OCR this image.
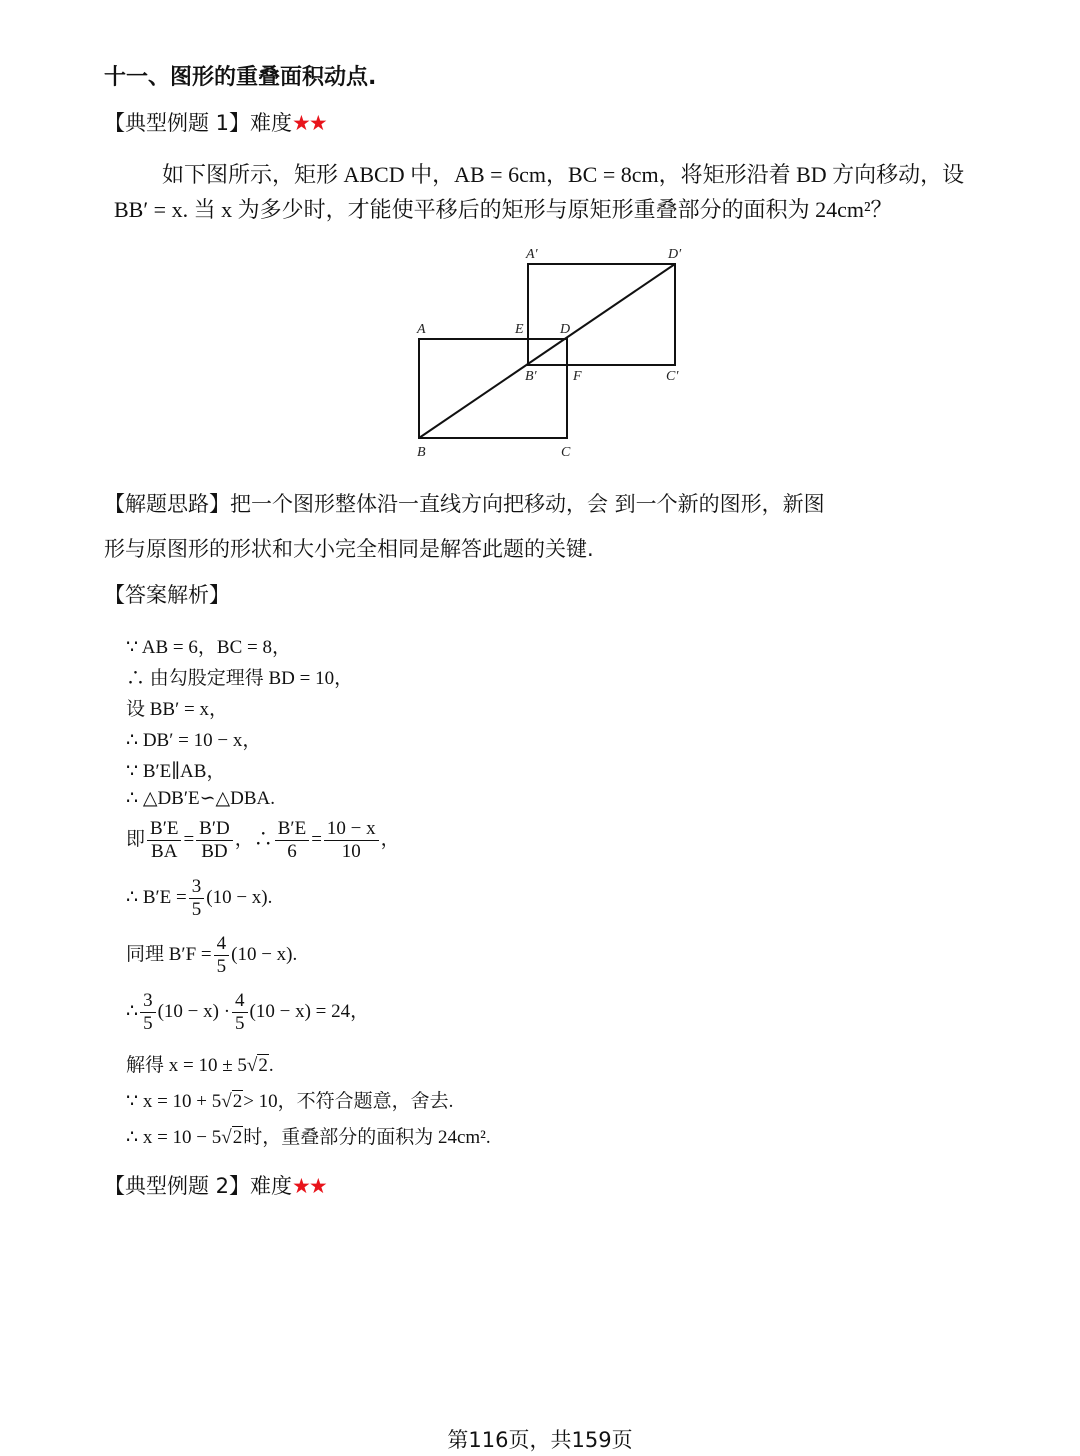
十一、图形的重叠面积动点.
【典型例题 1】难度★★
如下图所示，矩形 ABCD 中，AB = 6cm，BC = 8cm，将矩形沿着 BD 方向移动，设
BB′ = x. 当 x 为多少时，才能使平移后的矩形与原矩形重叠部分的面积为 24cm²？
A′	D′
A	E	D
B′	F	C′
B	C
【解题思路】把一个图形整体沿一直线方向把移动，会 到一个新的图形，新图
形与原图形的形状和大小完全相同是解答此题的关键.
【答案解析】
∵ AB = 6，BC = 8，
∴ 由勾股定理得 BD = 10，
设 BB′ = x，
∴ DB′ = 10 − x，
∵ B′E∥AB，
∴ △DB′E∽△DBA.
即 $\frac{B'E}{BA} = \frac{B'D}{BD}$ ，∴ $\frac{B'E}{6} = \frac{10 - x}{10}$ ，
∴ $B'E = \frac{3}{5} (10 - x)$.
同理 $B'F = \frac{4}{5} (10 - x)$.
∴ $\frac{3}{5} (10 - x) \cdot \frac{4}{5} (10 - x) = 24$，
解得 x = 10 ± 5√2.
∵ x = 10 + 5√2> 10，不符合题意，舍去.
∴ x = 10 − 5√2时，重叠部分的面积为 24cm².
【典型例题 2】难度★★
第116页，共159页
